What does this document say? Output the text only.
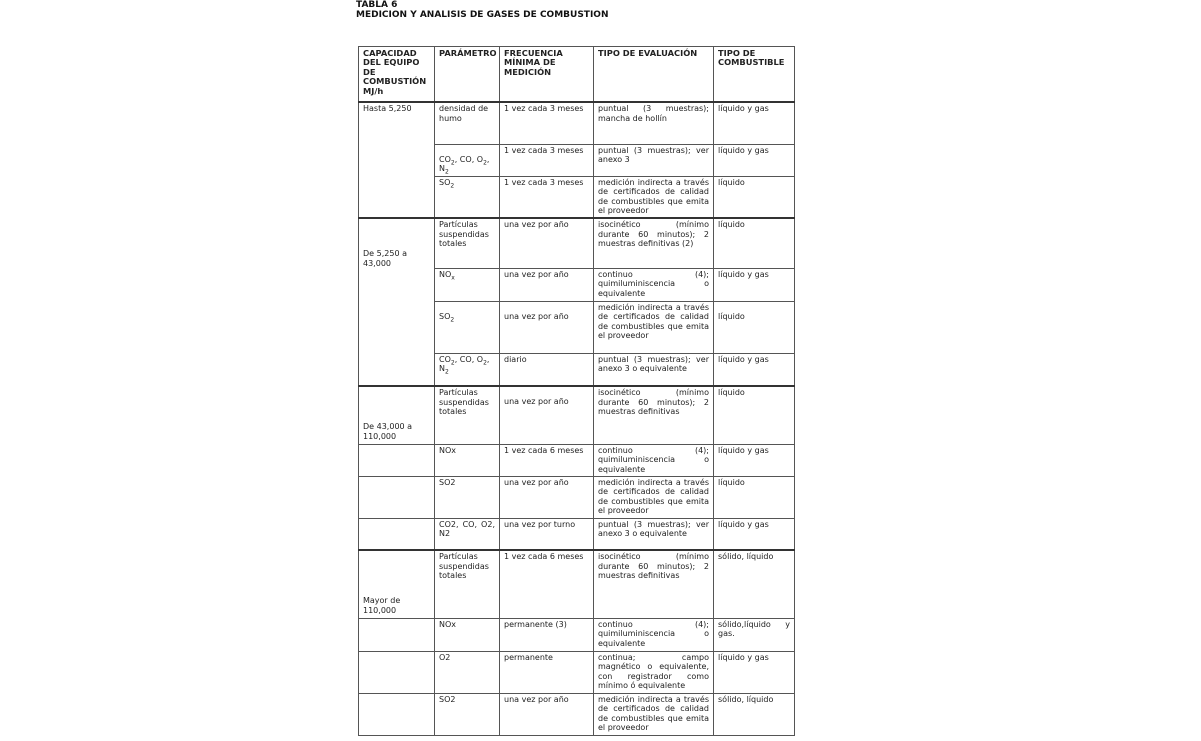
TABLA 6
MEDICION Y ANALISIS DE GASES DE COMBUSTION
CAPACIDAD DEL EQUIPO DE COMBUSTIÓN MJ/h	PARÁMETRO	FRECUENCIA MÍNIMA DE MEDICIÓN	TIPO DE EVALUACIÓN	TIPO DE COMBUSTIBLE
Hasta 5,250	densidad de humo	1 vez cada 3 meses	puntual (3 muestras); mancha de hollín	líquido y gas
	$CO_2$, CO, $O_2$, $N_2$	1 vez cada 3 meses	puntual (3 muestras); ver anexo 3	líquido y gas
	$SO_2$	1 vez cada 3 meses	medición indirecta a través de certificados de calidad de combustibles que emita el proveedor	líquido
De 5,250 a 43,000	Partículas suspendidas totales	una vez por año	isocinético (mínimo durante 60 minutos); 2 muestras definitivas (2)	líquido
	$NO_x$	una vez por año	continuo (4); quimiluminiscencia o equivalente	líquido y gas
	$SO_2$	una vez por año	medición indirecta a través de certificados de calidad de combustibles que emita el proveedor	líquido
	$CO_2$, CO, $O_2$, $N_2$	diario	puntual (3 muestras); ver anexo 3 o equivalente	líquido y gas
De 43,000 a 110,000	Partículas suspendidas totales	una vez por año	isocinético (mínimo durante 60 minutos); 2 muestras definitivas	líquido
	NOx	1 vez cada 6 meses	continuo (4); quimiluminiscencia o equivalente	líquido y gas
	SO2	una vez por año	medición indirecta a través de certificados de calidad de combustibles que emita el proveedor	líquido
	CO2, CO, O2, N2	una vez por turno	puntual (3 muestras); ver anexo 3 o equivalente	líquido y gas
Mayor de 110,000	Partículas suspendidas totales	1 vez cada 6 meses	isocinético (mínimo durante 60 minutos); 2 muestras definitivas	sólido, líquido
	NOx	permanente (3)	continuo (4); quimiluminiscencia o equivalente	sólido,líquido y gas.
	O2	permanente	continua; campo magnético o equivalente, con registrador como mínimo ó equivalente	líquido y gas
	SO2	una vez por año	medición indirecta a través de certificados de calidad de combustibles que emita el proveedor	sólido, líquido
